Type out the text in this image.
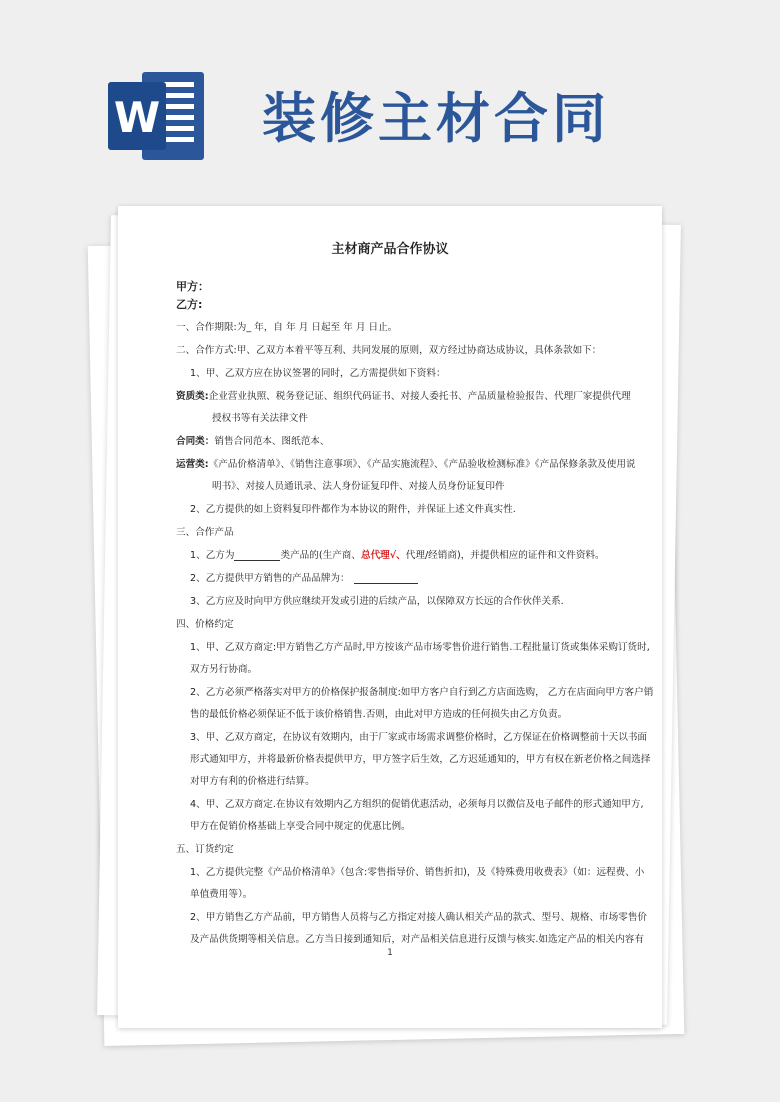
W 装修主材合同
主材商产品合作协议
甲方：
乙方:
一、合作期限:为_ 年，自 年 月 日起至 年 月 日止。
二、合作方式:甲、乙双方本着平等互利、共同发展的原则，双方经过协商达成协议，具体条款如下：
1、甲、乙双方应在协议签署的同时，乙方需提供如下资料：
资质类:企业营业执照、税务登记证、组织代码证书、对接人委托书、产品质量检验报告、代理厂家提供代理
授权书等有关法律文件
合同类：销售合同范本、图纸范本、
运营类:《产品价格清单》、《销售注意事项》、《产品实施流程》、《产品验收检测标准》《产品保修条款及使用说
明书》、对接人员通讯录、法人身份证复印件、对接人员身份证复印件
2、乙方提供的如上资料复印件都作为本协议的附件，并保证上述文件真实性.
三、合作产品
1、乙方为	类产品的(生产商、总代理√、代理/经销商)，并提供相应的证件和文件资料。
2、乙方提供甲方销售的产品品牌为：
3、乙方应及时向甲方供应继续开发或引进的后续产品，以保障双方长远的合作伙伴关系.
四、价格约定
1、甲、乙双方商定:甲方销售乙方产品时,甲方按该产品市场零售价进行销售.工程批量订货或集体采购订货时,
双方另行协商。
2、乙方必须严格落实对甲方的价格保护报备制度:如甲方客户自行到乙方店面选购， 乙方在店面向甲方客户销
售的最低价格必须保证不低于该价格销售.否则，由此对甲方造成的任何损失由乙方负责。
3、甲、乙双方商定，在协议有效期内，由于厂家或市场需求调整价格时，乙方保证在价格调整前十天以书面
形式通知甲方，并将最新价格表提供甲方，甲方签字后生效，乙方迟延通知的，甲方有权在新老价格之间选择
对甲方有利的价格进行结算。
4、甲、乙双方商定.在协议有效期内乙方组织的促销优惠活动，必须每月以微信及电子邮件的形式通知甲方,
甲方在促销价格基础上享受合同中规定的优惠比例。
五、订货约定
1、乙方提供完整《产品价格清单》（包含:零售指导价、销售折扣)，及《特殊费用收费表》（如：远程费、小
单值费用等）。
2、甲方销售乙方产品前，甲方销售人员将与乙方指定对接人确认相关产品的款式、型号、规格、市场零售价
及产品供货期等相关信息。乙方当日接到通知后，对产品相关信息进行反馈与核实.如选定产品的相关内容有
1
